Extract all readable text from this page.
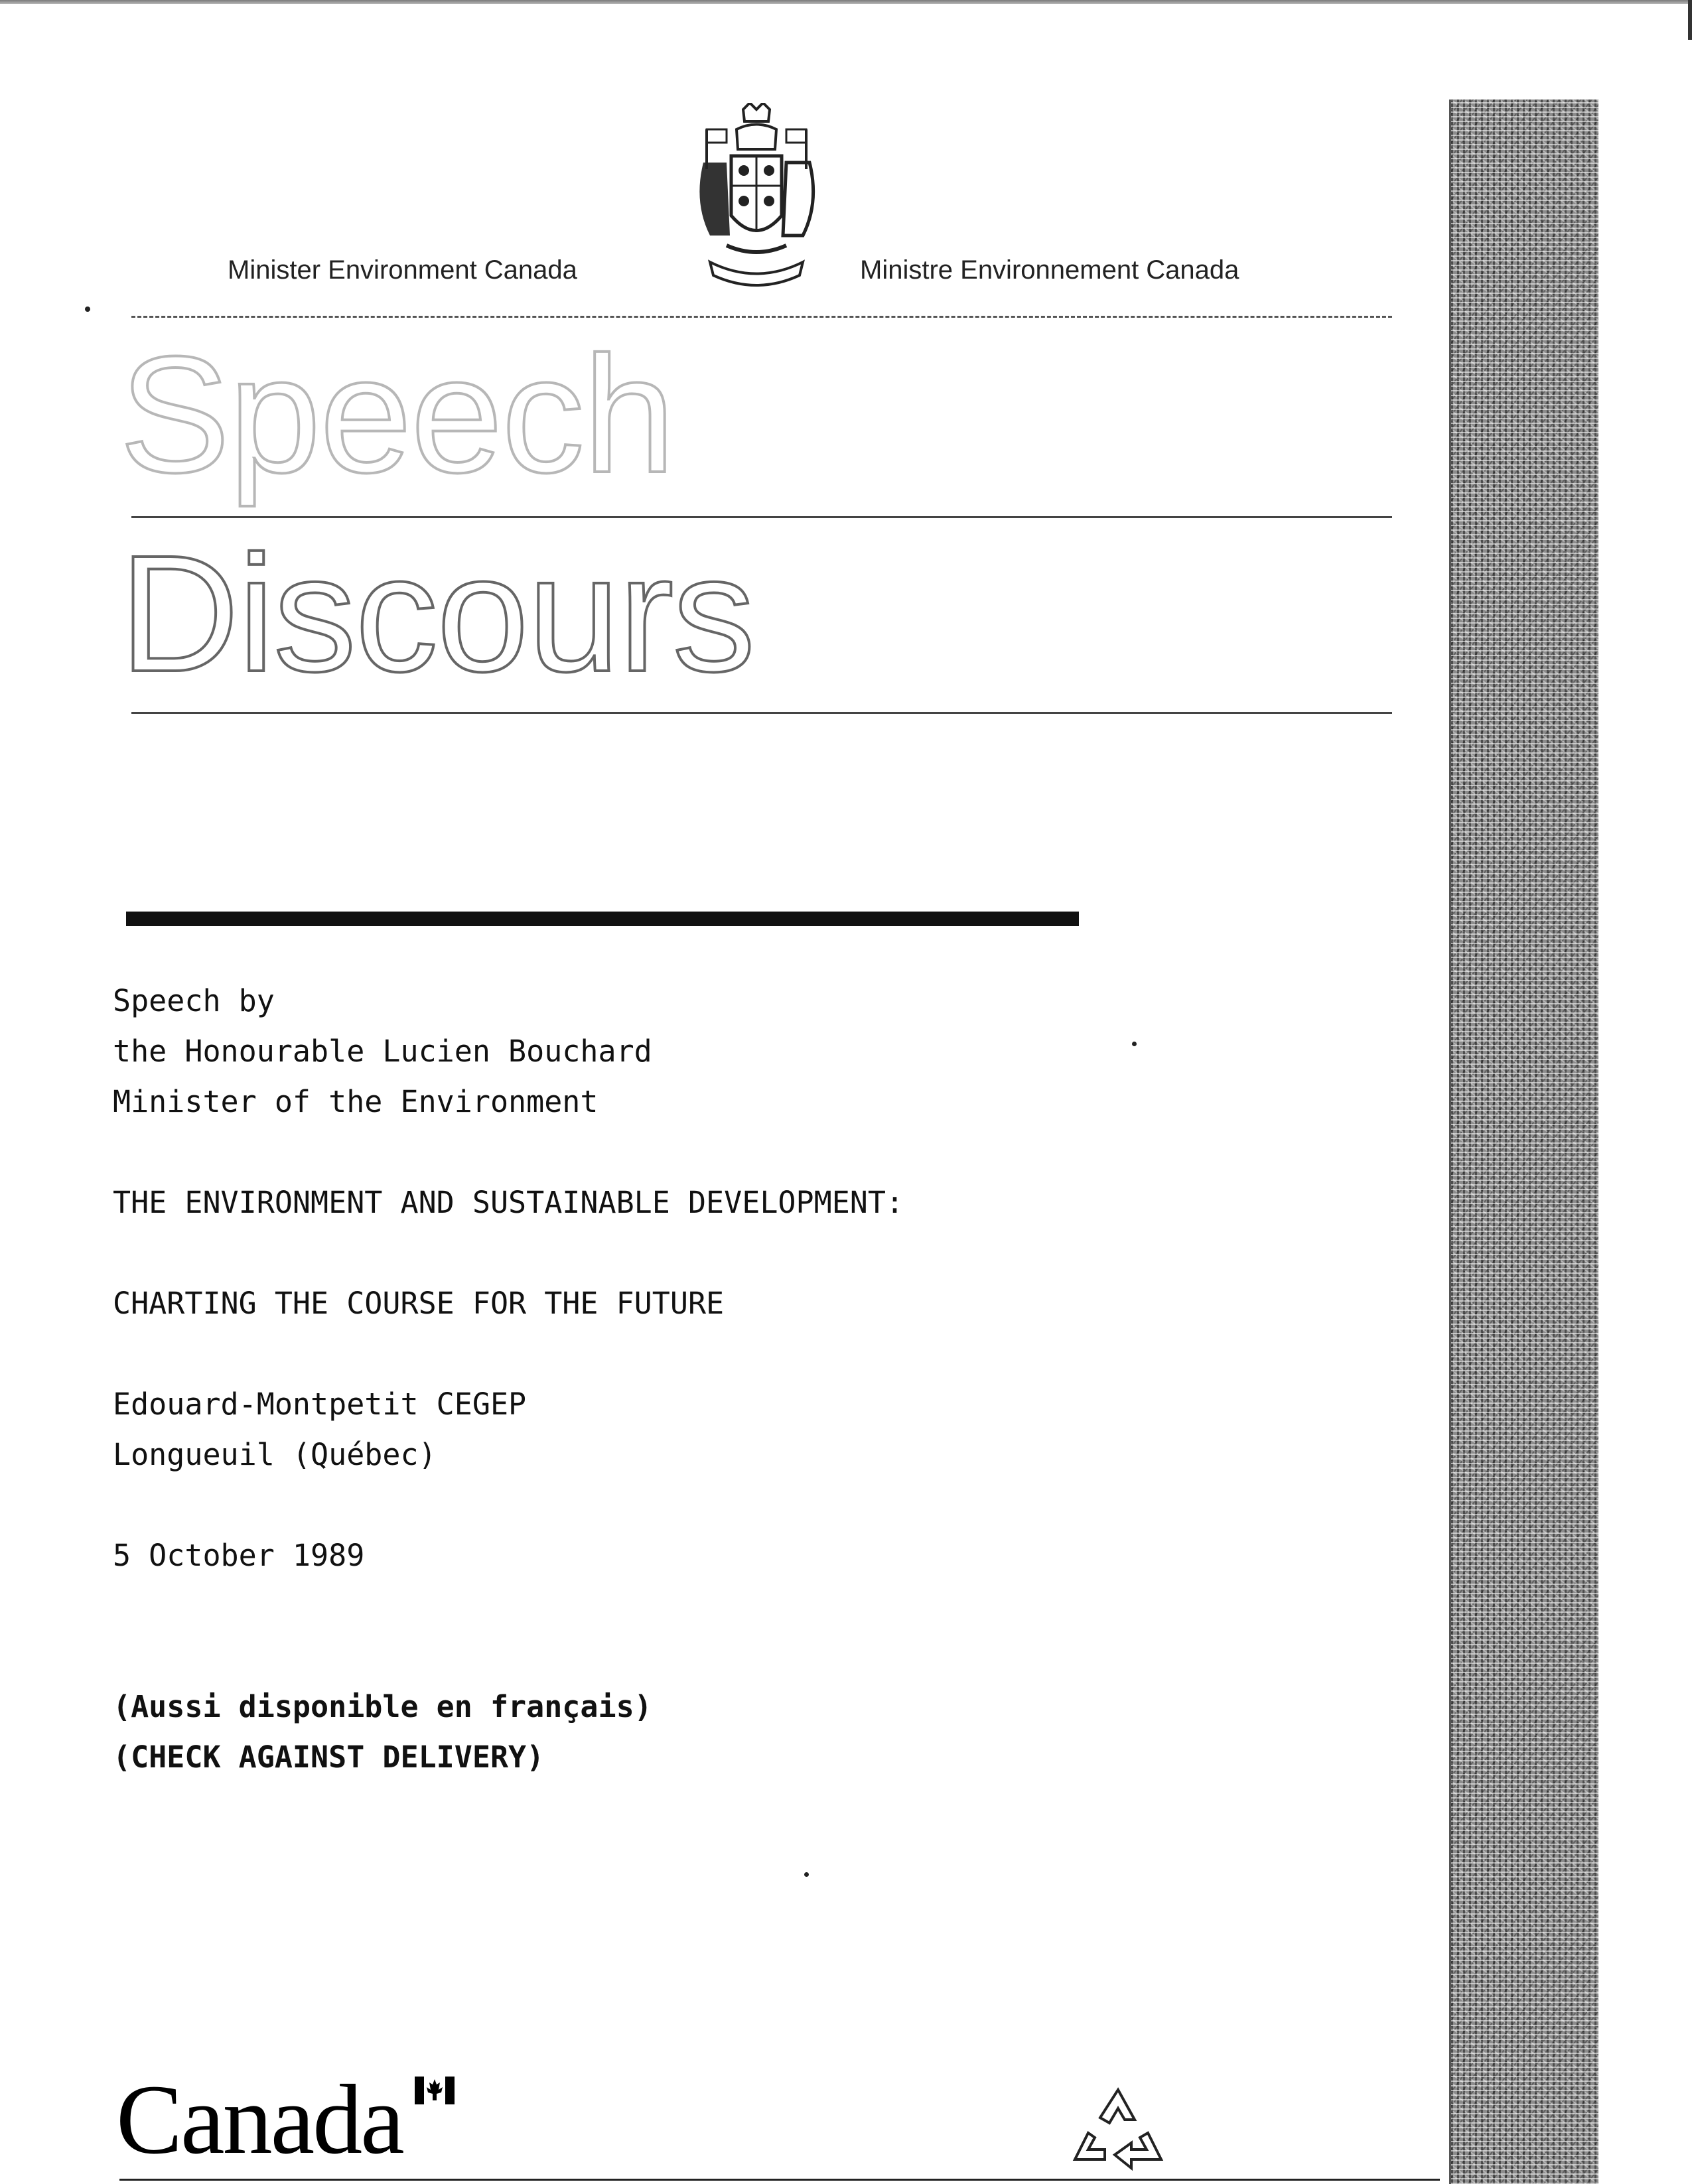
Minister Environment Canada	Ministre Environnement Canada
Speech
Discours
Speech by
the Honourable Lucien Bouchard
Minister of the Environment
THE ENVIRONMENT AND SUSTAINABLE DEVELOPMENT:
CHARTING THE COURSE FOR THE FUTURE
Edouard-Montpetit CEGEP
Longueuil (Québec)
5 October 1989
(Aussi disponible en français)
(CHECK AGAINST DELIVERY)
Canada
